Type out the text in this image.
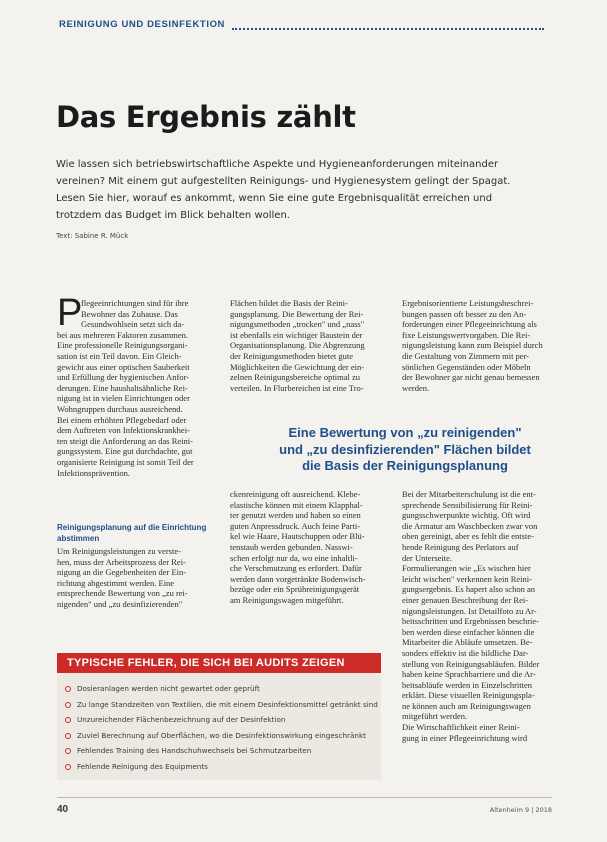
REINIGUNG UND DESINFEKTION
Das Ergebnis zählt
Wie lassen sich betriebswirtschaftliche Aspekte und Hygieneanforderungen miteinander
vereinen? Mit einem gut aufgestellten Reinigungs- und Hygienesystem gelingt der Spagat.
Lesen Sie hier, worauf es ankommt, wenn Sie eine gute Ergebnisqualität erreichen und
trotzdem das Budget im Blick behalten wollen.
Text: Sabine R. Mück
P
flegeeinrichtungen sind für ihre
Bewohner das Zuhause. Das
Gesundwohlsein setzt sich da-
bei aus mehreren Faktoren zusammen.
Eine professionelle Reinigungsorgani-
sation ist ein Teil davon. Ein Gleich-
gewicht aus einer optischen Sauberkeit
und Erfüllung der hygienischen Anfor-
derungen. Eine haushaltsähnliche Rei-
nigung ist in vielen Einrichtungen oder
Wohngruppen durchaus ausreichend.
Bei einem erhöhten Pflegebedarf oder
dem Auftreten von Infektionskrankhei-
ten steigt die Anforderung an das Reini-
gungssystem. Eine gut durchdachte, gut
organisierte Reinigung ist somit Teil der
Infektionsprävention.
Reinigungsplanung auf die Einrichtung
abstimmen
Um Reinigungsleistungen zu verste-
hen, muss der Arbeitsprozess der Rei-
nigung an die Gegebenheiten der Ein-
richtung abgestimmt werden. Eine
entsprechende Bewertung von „zu rei-
nigenden" und „zu desinfizierenden"
Flächen bildet die Basis der Reini-
gungsplanung. Die Bewertung der Rei-
nigungsmethoden „trocken" und „nass"
ist ebenfalls ein wichtiger Baustein der
Organisationsplanung. Die Abgrenzung
der Reinigungsmethoden bietet gute
Möglichkeiten die Gewichtung der ein-
zelnen Reinigungsbereiche optimal zu
verteilen. In Flurbereichen ist eine Tro-
Ergebnisorientierte Leistungsbeschrei-
bungen passen oft besser zu den An-
forderungen einer Pflegeeinrichtung als
fixe Leistungswertvorgaben. Die Rei-
nigungsleistung kann zum Beispiel durch
die Gestaltung von Zimmern mit per-
sönlichen Gegenständen oder Möbeln
der Bewohner gar nicht genau bemessen
werden.
Eine Bewertung von „zu reinigenden"
und „zu desinfizierenden" Flächen bildet
die Basis der Reinigungsplanung
ckenreinigung oft ausreichend. Klebe-
elastische können mit einem Klapphal-
ter genutzt werden und haben so einen
guten Anpressdruck. Auch feine Parti-
kel wie Haare, Hautschuppen oder Blü-
tenstaub werden gebunden. Nasswi-
schen erfolgt nur da, wo eine inhaltli-
che Verschmutzung es erfordert. Dafür
werden dann vorgetränkte Bodenwisch-
bezüge oder ein Sprühreinigungsgerät
am Reinigungswagen mitgeführt.
Bei der Mitarbeiterschulung ist die ent-
sprechende Sensibilisierung für Reini-
gungsschwerpunkte wichtig. Oft wird
die Armatur am Waschbecken zwar von
oben gereinigt, aber es fehlt die entste-
hende Reinigung des Perlators auf
der Unterseite.
Formulierungen wie „Es wischen hier
leicht wischen" verkennen kein Reini-
gungsergebnis. Es hapert also schon an
einer genauen Beschreibung der Rei-
nigungsleistungen. Ist Detailfoto zu Ar-
beitsschritten und Ergebnissen beschrie-
ben werden diese einfacher können die
Mitarbeiter die Abläufe umsetzen. Be-
sonders effektiv ist die bildliche Dar-
stellung von Reinigungsabläufen. Bilder
haben keine Sprachbarriere und die Ar-
beitsabläufe werden in Einzelschritten
erklärt. Diese visuellen Reinigungspla-
ne können auch am Reinigungswagen
mitgeführt werden.
Die Wirtschaftlichkeit einer Reini-
gung in einer Pflegeeinrichtung wird
TYPISCHE FEHLER, DIE SICH BEI AUDITS ZEIGEN
Dosieranlagen werden nicht gewartet oder geprüft
Zu lange Standzeiten von Textilien, die mit einem Desinfektionsmittel getränkt sind
Unzureichender Flächenbezeichnung auf der Desinfektion
Zuviel Berechnung auf Oberflächen, wo die Desinfektionswirkung eingeschränkt
Fehlendes Training des Handschuhwechsels bei Schmutzarbeiten
Fehlende Reinigung des Equipments
40	Altenheim 9 | 2018
